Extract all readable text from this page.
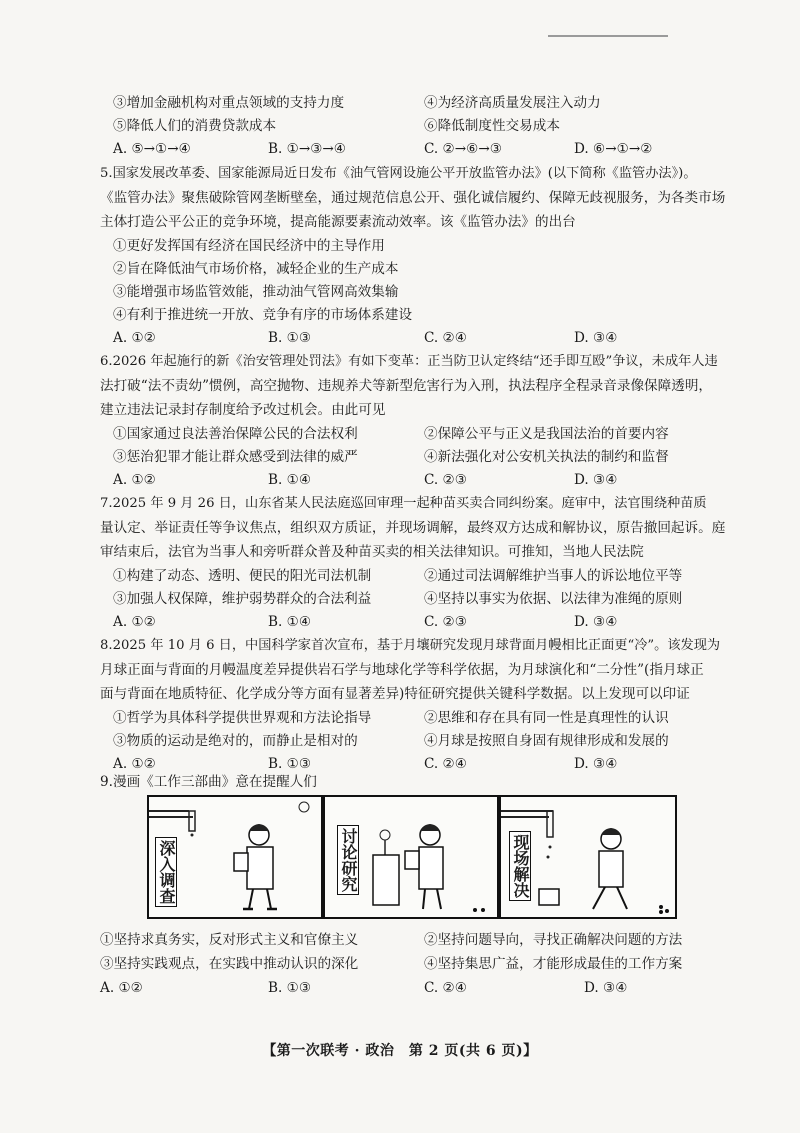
③增加金融机构对重点领域的支持力度	④为经济高质量发展注入动力
⑤降低人们的消费贷款成本	⑥降低制度性交易成本
A. ⑤→①→④	B. ①→③→④	C. ②→⑥→③	D. ⑥→①→②
5.国家发展改革委、国家能源局近日发布《油气管网设施公平开放监管办法》(以下简称《监管办法》)。
《监管办法》聚焦破除管网垄断壁垒，通过规范信息公开、强化诚信履约、保障无歧视服务，为各类市场
主体打造公平公正的竞争环境，提高能源要素流动效率。该《监管办法》的出台
①更好发挥国有经济在国民经济中的主导作用
②旨在降低油气市场价格，减轻企业的生产成本
③能增强市场监管效能，推动油气管网高效集输
④有利于推进统一开放、竞争有序的市场体系建设
A. ①②	B. ①③	C. ②④	D. ③④
6.2026 年起施行的新《治安管理处罚法》有如下变革：正当防卫认定终结“还手即互殴”争议，未成年人违
法打破“法不责幼”惯例，高空抛物、违规养犬等新型危害行为入刑，执法程序全程录音录像保障透明，
建立违法记录封存制度给予改过机会。由此可见
①国家通过良法善治保障公民的合法权利	②保障公平与正义是我国法治的首要内容
③惩治犯罪才能让群众感受到法律的威严	④新法强化对公安机关执法的制约和监督
A. ①②	B. ①④	C. ②③	D. ③④
7.2025 年 9 月 26 日，山东省某人民法庭巡回审理一起种苗买卖合同纠纷案。庭审中，法官围绕种苗质
量认定、举证责任等争议焦点，组织双方质证，并现场调解，最终双方达成和解协议，原告撤回起诉。庭
审结束后，法官为当事人和旁听群众普及种苗买卖的相关法律知识。可推知，当地人民法院
①构建了动态、透明、便民的阳光司法机制	②通过司法调解维护当事人的诉讼地位平等
③加强人权保障，维护弱势群众的合法利益	④坚持以事实为依据、以法律为准绳的原则
A. ①②	B. ①④	C. ②③	D. ③④
8.2025 年 10 月 6 日，中国科学家首次宣布，基于月壤研究发现月球背面月幔相比正面更“冷”。该发现为
月球正面与背面的月幔温度差异提供岩石学与地球化学等科学依据，为月球演化和“二分性”(指月球正
面与背面在地质特征、化学成分等方面有显著差异)特征研究提供关键科学数据。以上发现可以印证
①哲学为具体科学提供世界观和方法论指导	②思维和存在具有同一性是真理性的认识
③物质的运动是绝对的，而静止是相对的	④月球是按照自身固有规律形成和发展的
A. ①②	B. ①③	C. ②④	D. ③④
9.漫画《工作三部曲》意在提醒人们
深入调查	讨论研究	现场解决
①坚持求真务实，反对形式主义和官僚主义	②坚持问题导向，寻找正确解决问题的方法
③坚持实践观点，在实践中推动认识的深化	④坚持集思广益，才能形成最佳的工作方案
A. ①②	B. ①③	C. ②④	D. ③④
【第一次联考 · 政治　第 2 页(共 6 页)】
